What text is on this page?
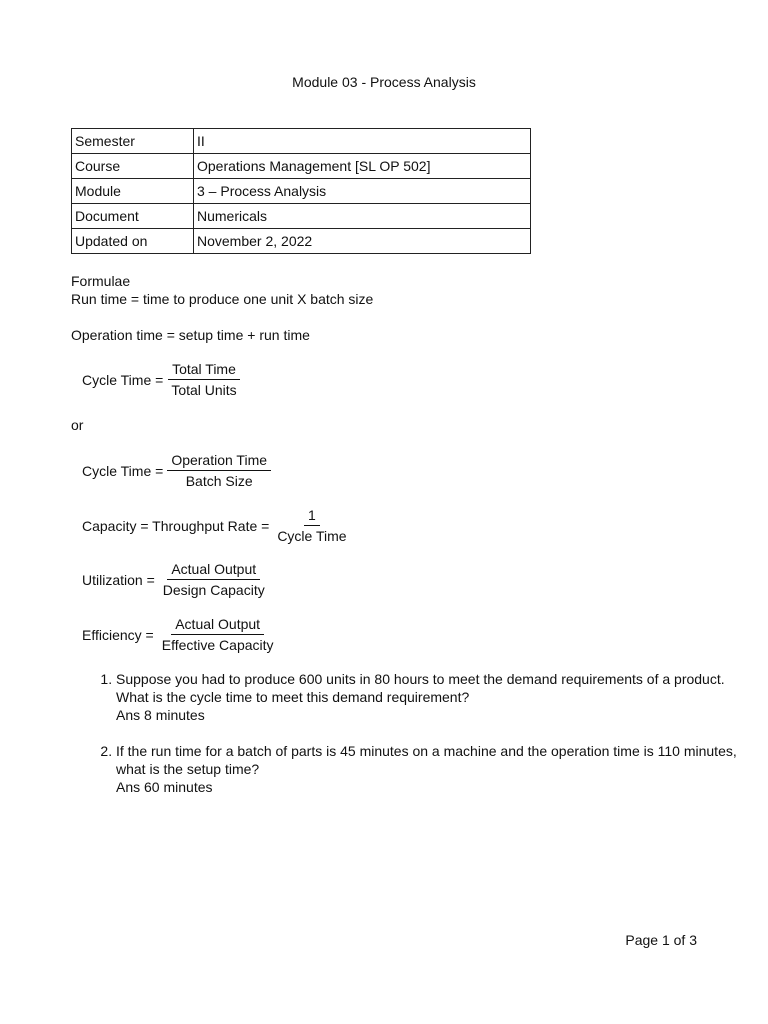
Module 03 - Process Analysis
Semester	II
Course	Operations Management [SL OP 502]
Module	3 – Process Analysis
Document	Numericals
Updated on	November 2, 2022
Formulae
Run time = time to produce one unit X batch size
Operation time = setup time + run time
Cycle Time = $\frac{\text{Total Time}}{\text{Total Units}}$
or
Cycle Time = $\frac{\text{Operation Time}}{\text{Batch Size}}$
Capacity = Throughput Rate = $\frac{1}{\text{Cycle Time}}$
Utilization = $\frac{\text{Actual Output}}{\text{Design Capacity}}$
Efficiency = $\frac{\text{Actual Output}}{\text{Effective Capacity}}$
1. Suppose you had to produce 600 units in 80 hours to meet the demand requirements of a product. What is the cycle time to meet this demand requirement?
Ans 8 minutes
2. If the run time for a batch of parts is 45 minutes on a machine and the operation time is 110 minutes, what is the setup time?
Ans 60 minutes
Page 1 of 3
